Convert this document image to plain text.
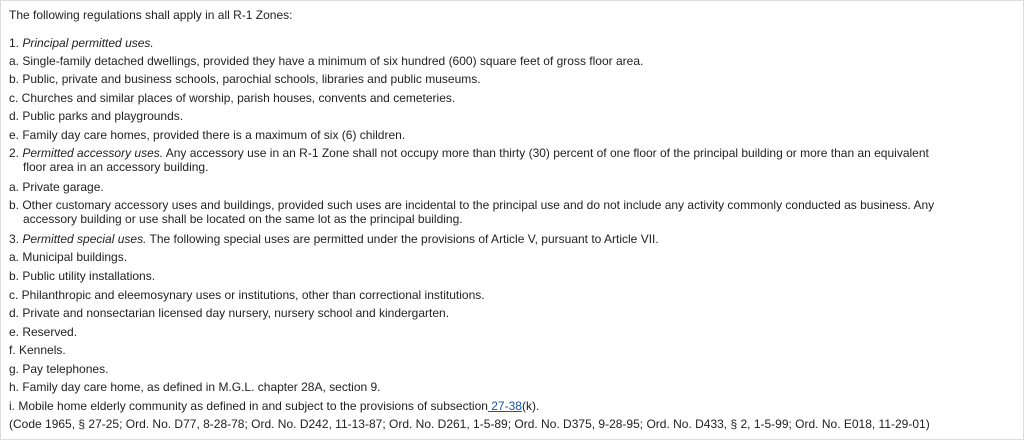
The following regulations shall apply in all R-1 Zones:
1. Principal permitted uses.
a. Single-family detached dwellings, provided they have a minimum of six hundred (600) square feet of gross floor area.
b. Public, private and business schools, parochial schools, libraries and public museums.
c. Churches and similar places of worship, parish houses, convents and cemeteries.
d. Public parks and playgrounds.
e. Family day care homes, provided there is a maximum of six (6) children.
2. Permitted accessory uses. Any accessory use in an R-1 Zone shall not occupy more than thirty (30) percent of one floor of the principal building or more than an equivalent
floor area in an accessory building.
a. Private garage.
b. Other customary accessory uses and buildings, provided such uses are incidental to the principal use and do not include any activity commonly conducted as business. Any
accessory building or use shall be located on the same lot as the principal building.
3. Permitted special uses. The following special uses are permitted under the provisions of Article V, pursuant to Article VII.
a. Municipal buildings.
b. Public utility installations.
c. Philanthropic and eleemosynary uses or institutions, other than correctional institutions.
d. Private and nonsectarian licensed day nursery, nursery school and kindergarten.
e. Reserved.
f. Kennels.
g. Pay telephones.
h. Family day care home, as defined in M.G.L. chapter 28A, section 9.
i. Mobile home elderly community as defined in and subject to the provisions of subsection 27-38(k).
(Code 1965, § 27-25; Ord. No. D77, 8-28-78; Ord. No. D242, 11-13-87; Ord. No. D261, 1-5-89; Ord. No. D375, 9-28-95; Ord. No. D433, § 2, 1-5-99; Ord. No. E018, 11-29-01)
